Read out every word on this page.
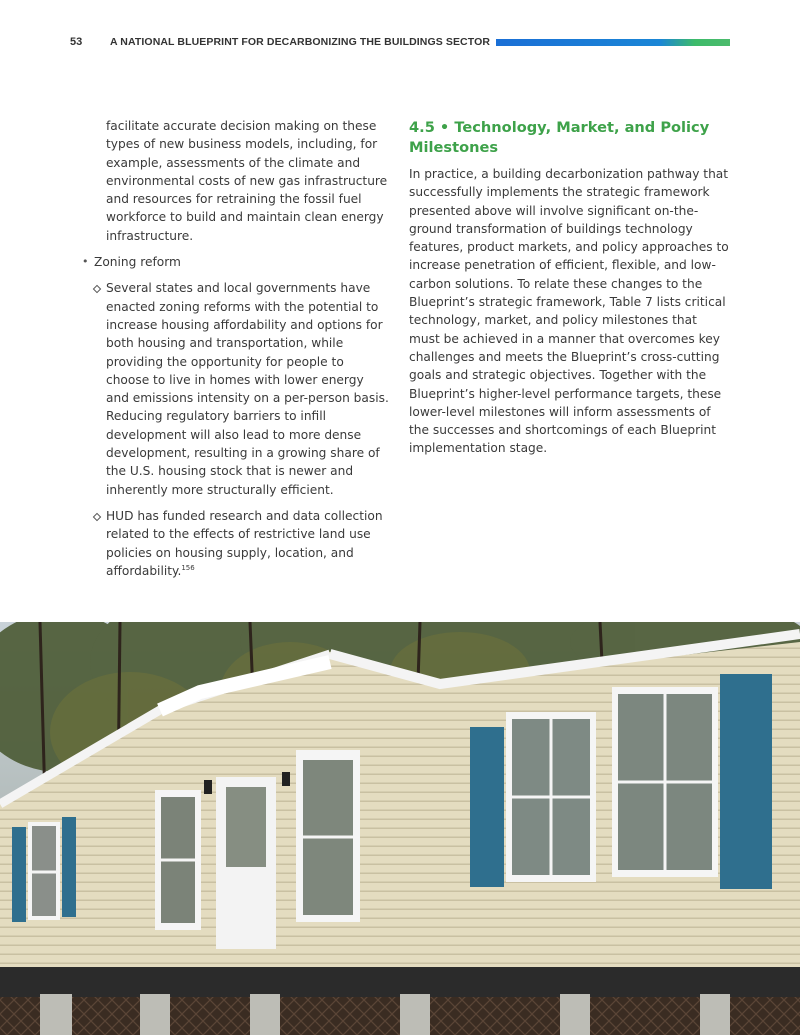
53	A NATIONAL BLUEPRINT FOR DECARBONIZING THE BUILDINGS SECTOR

facilitate accurate decision making on these types of new business models, including, for example, assessments of the climate and environmental costs of new gas infrastructure and resources for retraining the fossil fuel workforce to build and maintain clean energy infrastructure.

• Zoning reform
Several states and local governments have enacted zoning reforms with the potential to increase housing affordability and options for both housing and transportation, while providing the opportunity for people to choose to live in homes with lower energy and emissions intensity on a per-person basis. Reducing regulatory barriers to infill development will also lead to more dense development, resulting in a growing share of the U.S. housing stock that is newer and inherently more structurally efficient.
HUD has funded research and data collection related to the effects of restrictive land use policies on housing supply, location, and affordability.$^{156}$
4.5 • Technology, Market, and Policy Milestones

In practice, a building decarbonization pathway that successfully implements the strategic framework presented above will involve significant on-the-ground transformation of buildings technology features, product markets, and policy approaches to increase penetration of efficient, flexible, and low-carbon solutions. To relate these changes to the Blueprint’s strategic framework, Table 7 lists critical technology, market, and policy milestones that must be achieved in a manner that overcomes key challenges and meets the Blueprint’s cross-cutting goals and strategic objectives. Together with the Blueprint’s higher-level performance targets, these lower-level milestones will inform assessments of the successes and shortcomings of each Blueprint implementation stage.
